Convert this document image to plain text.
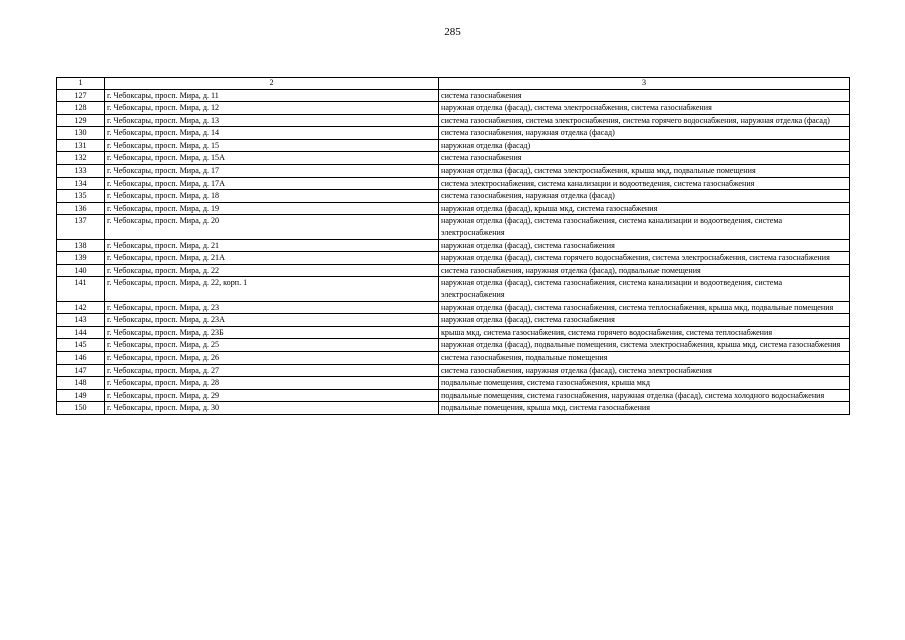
285
1	2	3
127	г. Чебоксары, просп. Мира, д. 11	система газоснабжения
128	г. Чебоксары, просп. Мира, д. 12	наружная отделка (фасад), система электроснабжения, система газоснабжения
129	г. Чебоксары, просп. Мира, д. 13	система газоснабжения, система электроснабжения, система горячего водоснабжения, наружная отделка (фасад)
130	г. Чебоксары, просп. Мира, д. 14	система газоснабжения, наружная отделка (фасад)
131	г. Чебоксары, просп. Мира, д. 15	наружная отделка (фасад)
132	г. Чебоксары, просп. Мира, д. 15А	система газоснабжения
133	г. Чебоксары, просп. Мира, д. 17	наружная отделка (фасад), система электроснабжения, крыша мкд, подвальные помещения
134	г. Чебоксары, просп. Мира, д. 17А	система электроснабжения, система канализации и водоотведения, система газоснабжения
135	г. Чебоксары, просп. Мира, д. 18	система газоснабжения, наружная отделка (фасад)
136	г. Чебоксары, просп. Мира, д. 19	наружная отделка (фасад), крыша мкд, система газоснабжения
137	г. Чебоксары, просп. Мира, д. 20	наружная отделка (фасад), система газоснабжения, система канализации и водоотведения, система электроснабжения
138	г. Чебоксары, просп. Мира, д. 21	наружная отделка (фасад), система газоснабжения
139	г. Чебоксары, просп. Мира, д. 21А	наружная отделка (фасад), система горячего водоснабжения, система электроснабжения, система газоснабжения
140	г. Чебоксары, просп. Мира, д. 22	система газоснабжения, наружная отделка (фасад), подвальные помещения
141	г. Чебоксары, просп. Мира, д. 22, корп. 1	наружная отделка (фасад), система газоснабжения, система канализации и водоотведения, система электроснабжения
142	г. Чебоксары, просп. Мира, д. 23	наружная отделка (фасад), система газоснабжения, система теплоснабжения, крыша мкд, подвальные помещения
143	г. Чебоксары, просп. Мира, д. 23А	наружная отделка (фасад), система газоснабжения
144	г. Чебоксары, просп. Мира, д. 23Б	крыша мкд, система газоснабжения, система горячего водоснабжения, система теплоснабжения
145	г. Чебоксары, просп. Мира, д. 25	наружная отделка (фасад), подвальные помещения, система электроснабжения, крыша мкд, система газоснабжения
146	г. Чебоксары, просп. Мира, д. 26	система газоснабжения, подвальные помещения
147	г. Чебоксары, просп. Мира, д. 27	система газоснабжения, наружная отделка (фасад), система электроснабжения
148	г. Чебоксары, просп. Мира, д. 28	подвальные помещения, система газоснабжения, крыша мкд
149	г. Чебоксары, просп. Мира, д. 29	подвальные помещения, система газоснабжения, наружная отделка (фасад), система холодного водоснабжения
150	г. Чебоксары, просп. Мира, д. 30	подвальные помещения, крыша мкд, система газоснабжения
